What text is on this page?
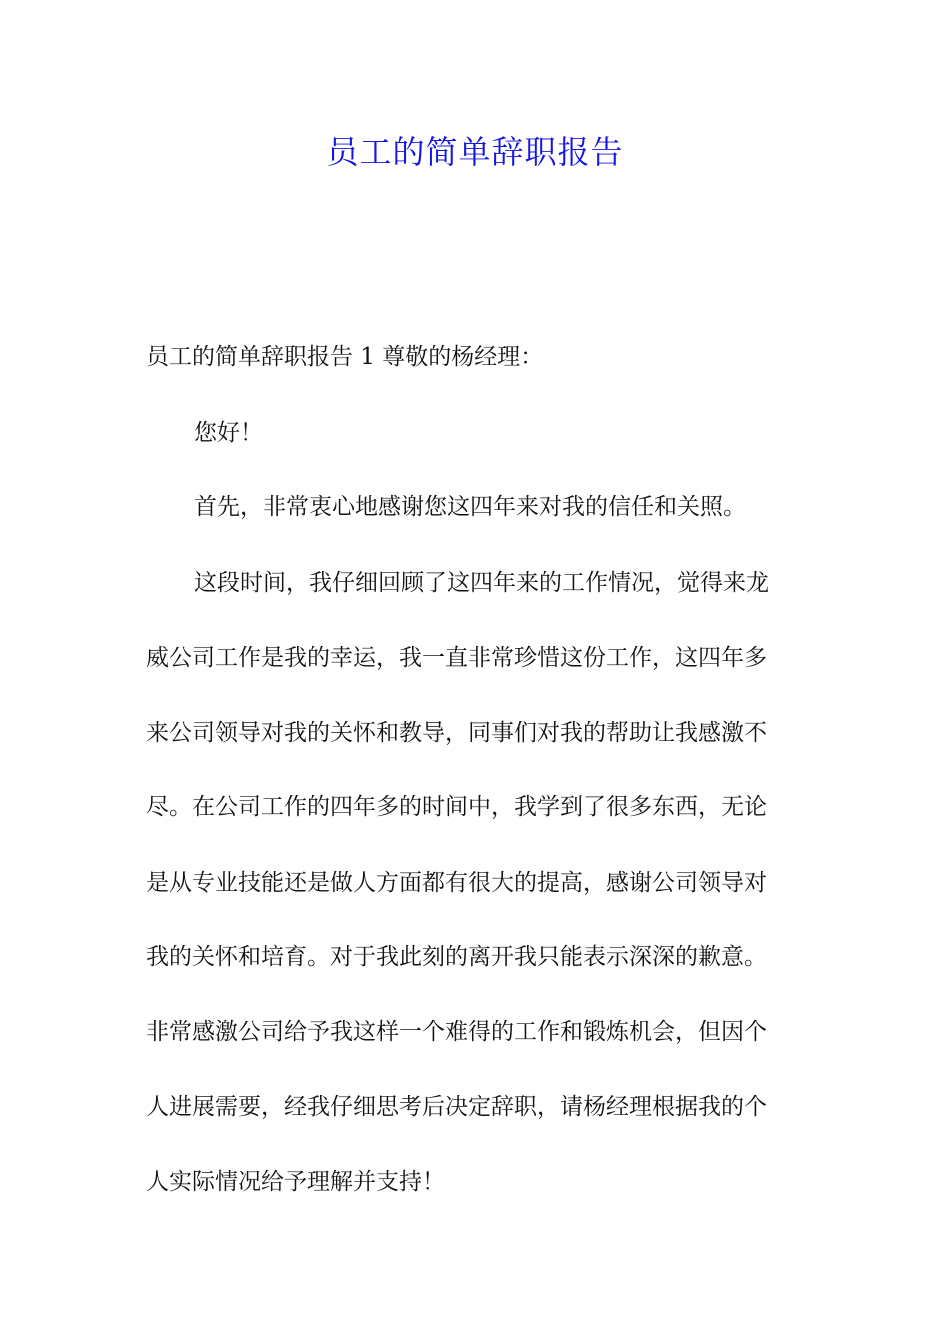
员工的简单辞职报告
员工的简单辞职报告 1 尊敬的杨经理：
您好！
首先，非常衷心地感谢您这四年来对我的信任和关照。
这段时间，我仔细回顾了这四年来的工作情况，觉得来龙
威公司工作是我的幸运，我一直非常珍惜这份工作，这四年多
来公司领导对我的关怀和教导，同事们对我的帮助让我感激不
尽。在公司工作的四年多的时间中，我学到了很多东西，无论
是从专业技能还是做人方面都有很大的提高，感谢公司领导对
我的关怀和培育。对于我此刻的离开我只能表示深深的歉意。
非常感激公司给予我这样一个难得的工作和锻炼机会，但因个
人进展需要，经我仔细思考后决定辞职，请杨经理根据我的个
人实际情况给予理解并支持！
